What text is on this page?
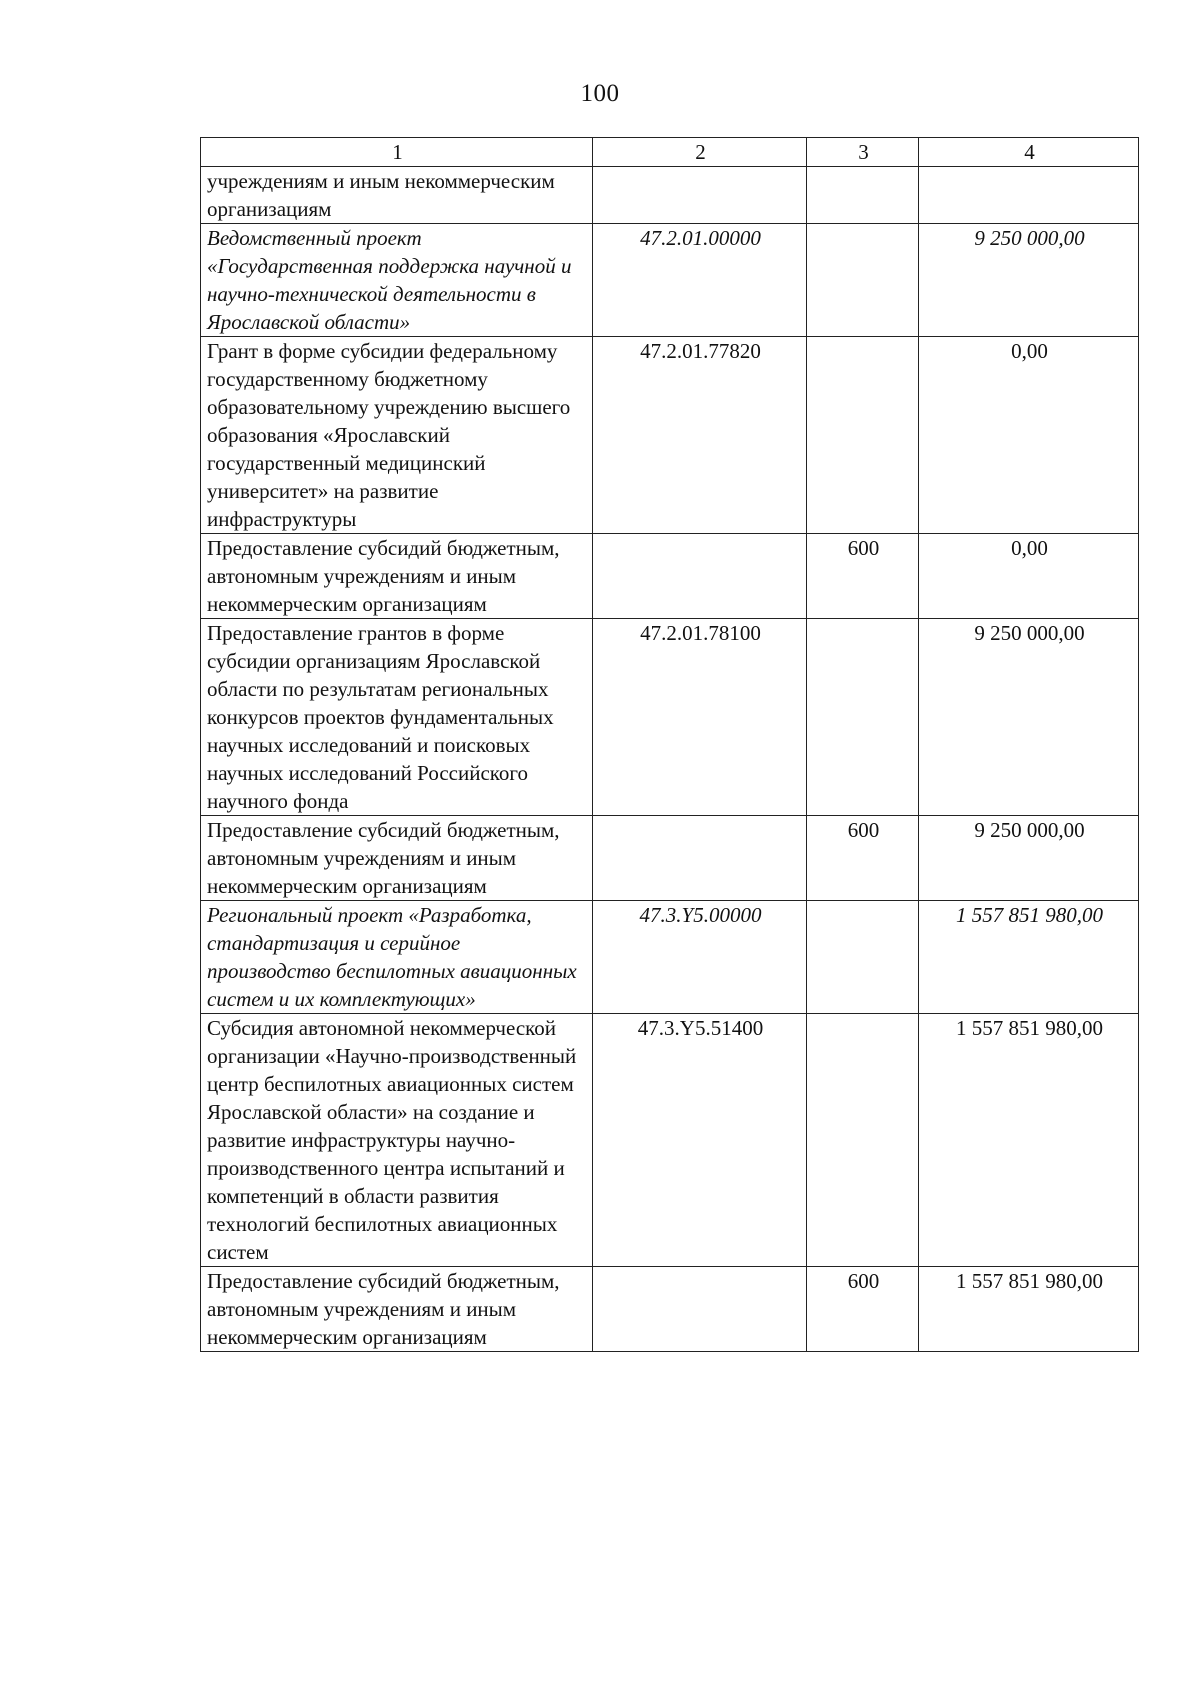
100
1	2	3	4
учреждениям и иным некоммерческим организациям			
Ведомственный проект «Государственная поддержка научной и научно-технической деятельности в Ярославской области»	47.2.01.00000		9 250 000,00
Грант в форме субсидии федеральному государственному бюджетному образовательному учреждению высшего образования «Ярославский государственный медицинский университет» на развитие инфраструктуры	47.2.01.77820		0,00
Предоставление субсидий бюджетным, автономным учреждениям и иным некоммерческим организациям		600	0,00
Предоставление грантов в форме субсидии организациям Ярославской области по результатам региональных конкурсов проектов фундаментальных научных исследований и поисковых научных исследований Российского научного фонда	47.2.01.78100		9 250 000,00
Предоставление субсидий бюджетным, автономным учреждениям и иным некоммерческим организациям		600	9 250 000,00
Региональный проект «Разработка, стандартизация и серийное производство беспилотных авиационных систем и их комплектующих»	47.3.Y5.00000		1 557 851 980,00
Субсидия автономной некоммерческой организации «Научно-производственный центр беспилотных авиационных систем Ярославской области» на создание и развитие инфраструктуры научно-производственного центра испытаний и компетенций в области развития технологий беспилотных авиационных систем	47.3.Y5.51400		1 557 851 980,00
Предоставление субсидий бюджетным, автономным учреждениям и иным некоммерческим организациям		600	1 557 851 980,00
